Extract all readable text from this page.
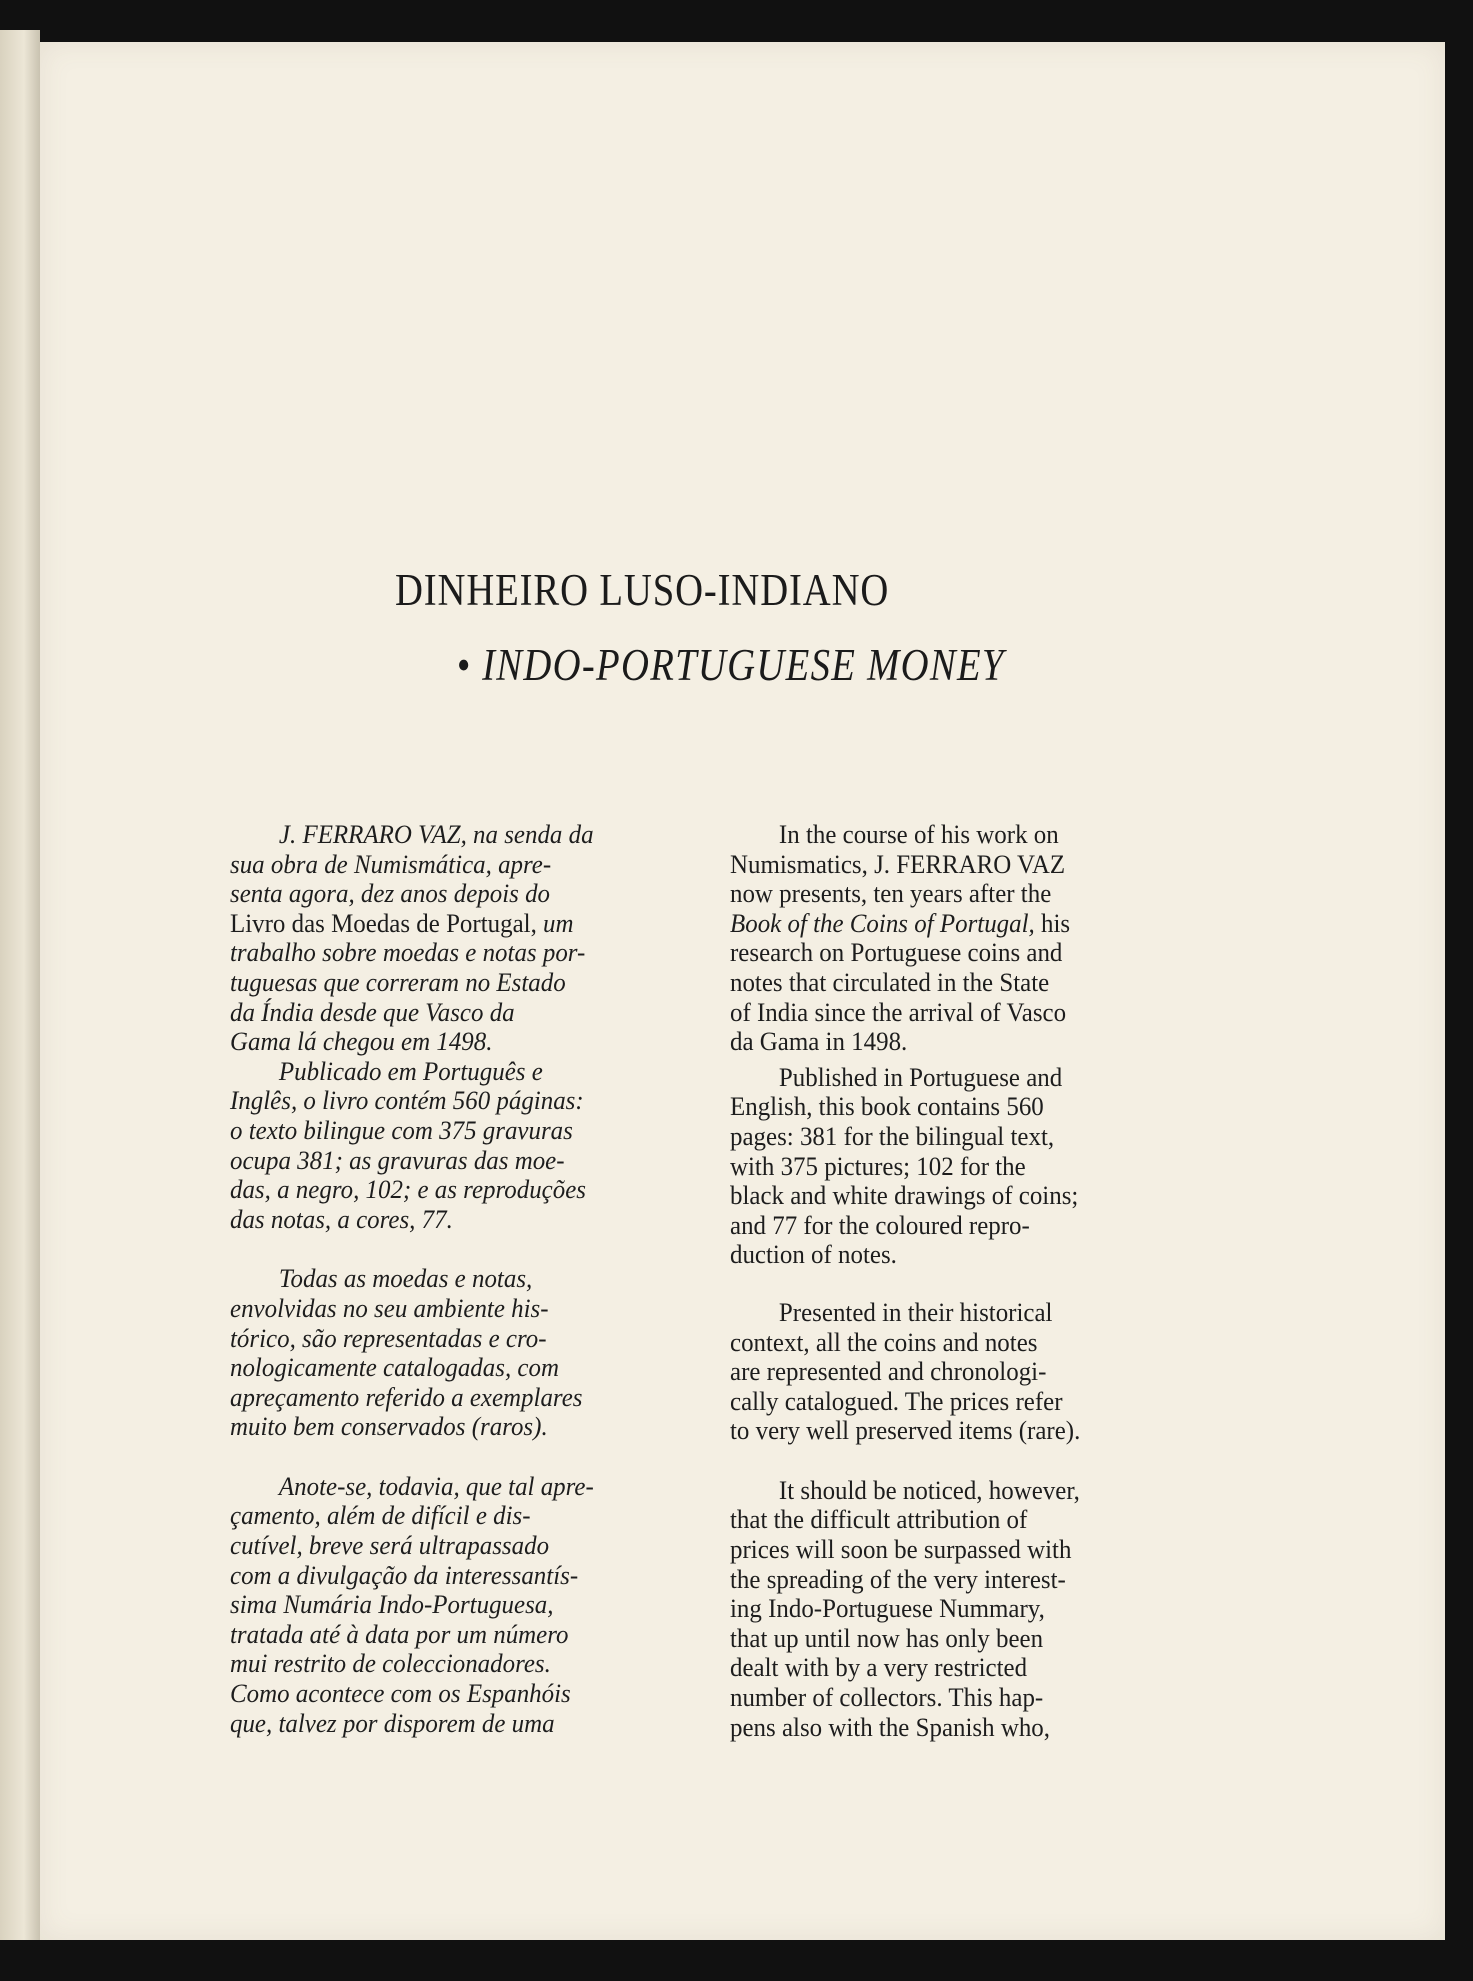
DINHEIRO LUSO-INDIANO
• INDO-PORTUGUESE MONEY
J. FERRARO VAZ, na senda da
sua obra de Numismática, apre-
senta agora, dez anos depois do
Livro das Moedas de Portugal, um
trabalho sobre moedas e notas por-
tuguesas que correram no Estado
da Índia desde que Vasco da
Gama lá chegou em 1498.
Publicado em Português e
Inglês, o livro contém 560 páginas:
o texto bilingue com 375 gravuras
ocupa 381; as gravuras das moe-
das, a negro, 102; e as reproduções
das notas, a cores, 77.
Todas as moedas e notas,
envolvidas no seu ambiente his-
tórico, são representadas e cro-
nologicamente catalogadas, com
apreçamento referido a exemplares
muito bem conservados (raros).
Anote-se, todavia, que tal apre-
çamento, além de difícil e dis-
cutível, breve será ultrapassado
com a divulgação da interessantís-
sima Numária Indo-Portuguesa,
tratada até à data por um número
mui restrito de coleccionadores.
Como acontece com os Espanhóis
que, talvez por disporem de uma
In the course of his work on
Numismatics, J. FERRARO VAZ
now presents, ten years after the
Book of the Coins of Portugal, his
research on Portuguese coins and
notes that circulated in the State
of India since the arrival of Vasco
da Gama in 1498.
Published in Portuguese and
English, this book contains 560
pages: 381 for the bilingual text,
with 375 pictures; 102 for the
black and white drawings of coins;
and 77 for the coloured repro-
duction of notes.
Presented in their historical
context, all the coins and notes
are represented and chronologi-
cally catalogued. The prices refer
to very well preserved items (rare).
It should be noticed, however,
that the difficult attribution of
prices will soon be surpassed with
the spreading of the very interest-
ing Indo-Portuguese Nummary,
that up until now has only been
dealt with by a very restricted
number of collectors. This hap-
pens also with the Spanish who,
